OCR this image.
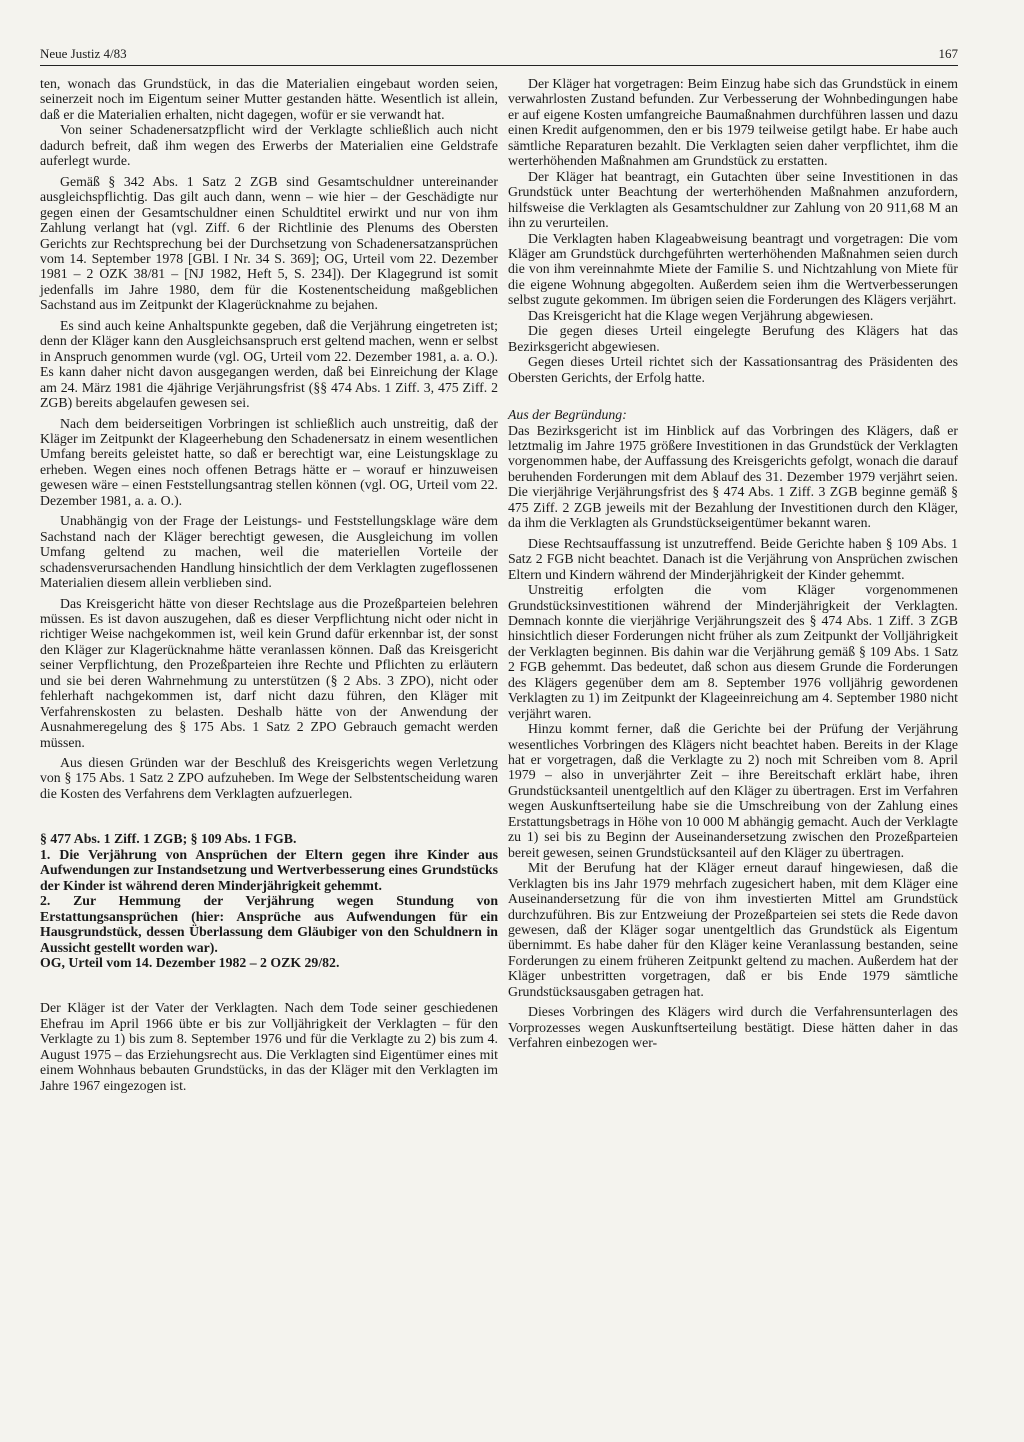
Neue Justiz 4/83	167

ten, wonach das Grundstück, in das die Materialien eingebaut worden seien, seinerzeit noch im Eigentum seiner Mutter gestanden hätte. Wesentlich ist allein, daß er die Materialien erhalten, nicht dagegen, wofür er sie verwandt hat.

Von seiner Schadenersatzpflicht wird der Verklagte schließlich auch nicht dadurch befreit, daß ihm wegen des Erwerbs der Materialien eine Geldstrafe auferlegt wurde.

Gemäß § 342 Abs. 1 Satz 2 ZGB sind Gesamtschuldner untereinander ausgleichspflichtig. Das gilt auch dann, wenn – wie hier – der Geschädigte nur gegen einen der Gesamtschuldner einen Schuldtitel erwirkt und nur von ihm Zahlung verlangt hat (vgl. Ziff. 6 der Richtlinie des Plenums des Obersten Gerichts zur Rechtsprechung bei der Durchsetzung von Schadenersatzansprüchen vom 14. September 1978 [GBl. I Nr. 34 S. 369]; OG, Urteil vom 22. Dezember 1981 – 2 OZK 38/81 – [NJ 1982, Heft 5, S. 234]). Der Klagegrund ist somit jedenfalls im Jahre 1980, dem für die Kostenentscheidung maßgeblichen Sachstand aus im Zeitpunkt der Klagerücknahme zu bejahen.

Es sind auch keine Anhaltspunkte gegeben, daß die Verjährung eingetreten ist; denn der Kläger kann den Ausgleichsanspruch erst geltend machen, wenn er selbst in Anspruch genommen wurde (vgl. OG, Urteil vom 22. Dezember 1981, a. a. O.). Es kann daher nicht davon ausgegangen werden, daß bei Einreichung der Klage am 24. März 1981 die 4jährige Verjährungsfrist (§§ 474 Abs. 1 Ziff. 3, 475 Ziff. 2 ZGB) bereits abgelaufen gewesen sei.

Nach dem beiderseitigen Vorbringen ist schließlich auch unstreitig, daß der Kläger im Zeitpunkt der Klageerhebung den Schadenersatz in einem wesentlichen Umfang bereits geleistet hatte, so daß er berechtigt war, eine Leistungsklage zu erheben. Wegen eines noch offenen Betrags hätte er – worauf er hinzuweisen gewesen wäre – einen Feststellungsantrag stellen können (vgl. OG, Urteil vom 22. Dezember 1981, a. a. O.).

Unabhängig von der Frage der Leistungs- und Feststellungsklage wäre dem Sachstand nach der Kläger berechtigt gewesen, die Ausgleichung im vollen Umfang geltend zu machen, weil die materiellen Vorteile der schadensverursachenden Handlung hinsichtlich der dem Verklagten zugeflossenen Materialien diesem allein verblieben sind.

Das Kreisgericht hätte von dieser Rechtslage aus die Prozeßparteien belehren müssen. Es ist davon auszugehen, daß es dieser Verpflichtung nicht oder nicht in richtiger Weise nachgekommen ist, weil kein Grund dafür erkennbar ist, der sonst den Kläger zur Klagerücknahme hätte veranlassen können. Daß das Kreisgericht seiner Verpflichtung, den Prozeßparteien ihre Rechte und Pflichten zu erläutern und sie bei deren Wahrnehmung zu unterstützen (§ 2 Abs. 3 ZPO), nicht oder fehlerhaft nachgekommen ist, darf nicht dazu führen, den Kläger mit Verfahrenskosten zu belasten. Deshalb hätte von der Anwendung der Ausnahmeregelung des § 175 Abs. 1 Satz 2 ZPO Gebrauch gemacht werden müssen.

Aus diesen Gründen war der Beschluß des Kreisgerichts wegen Verletzung von § 175 Abs. 1 Satz 2 ZPO aufzuheben. Im Wege der Selbstentscheidung waren die Kosten des Verfahrens dem Verklagten aufzuerlegen.

§ 477 Abs. 1 Ziff. 1 ZGB; § 109 Abs. 1 FGB.

1. Die Verjährung von Ansprüchen der Eltern gegen ihre Kinder aus Aufwendungen zur Instandsetzung und Wertverbesserung eines Grundstücks der Kinder ist während deren Minderjährigkeit gehemmt.

2. Zur Hemmung der Verjährung wegen Stundung von Erstattungsansprüchen (hier: Ansprüche aus Aufwendungen für ein Hausgrundstück, dessen Überlassung dem Gläubiger von den Schuldnern in Aussicht gestellt worden war).

OG, Urteil vom 14. Dezember 1982 – 2 OZK 29/82.

Der Kläger ist der Vater der Verklagten. Nach dem Tode seiner geschiedenen Ehefrau im April 1966 übte er bis zur Volljährigkeit der Verklagten – für den Verklagte zu 1) bis zum 8. September 1976 und für die Verklagte zu 2) bis zum 4. August 1975 – das Erziehungsrecht aus. Die Verklagten sind Eigentümer eines mit einem Wohnhaus bebauten Grundstücks, in das der Kläger mit den Verklagten im Jahre 1967 eingezogen ist.

Der Kläger hat vorgetragen: Beim Einzug habe sich das Grundstück in einem verwahrlosten Zustand befunden. Zur Verbesserung der Wohnbedingungen habe er auf eigene Kosten umfangreiche Baumaßnahmen durchführen lassen und dazu einen Kredit aufgenommen, den er bis 1979 teilweise getilgt habe. Er habe auch sämtliche Reparaturen bezahlt. Die Verklagten seien daher verpflichtet, ihm die werterhöhenden Maßnahmen am Grundstück zu erstatten.

Der Kläger hat beantragt, ein Gutachten über seine Investitionen in das Grundstück unter Beachtung der werterhöhenden Maßnahmen anzufordern, hilfsweise die Verklagten als Gesamtschuldner zur Zahlung von 20 911,68 M an ihn zu verurteilen.

Die Verklagten haben Klageabweisung beantragt und vorgetragen: Die vom Kläger am Grundstück durchgeführten werterhöhenden Maßnahmen seien durch die von ihm vereinnahmte Miete der Familie S. und Nichtzahlung von Miete für die eigene Wohnung abgegolten. Außerdem seien ihm die Wertverbesserungen selbst zugute gekommen. Im übrigen seien die Forderungen des Klägers verjährt.

Das Kreisgericht hat die Klage wegen Verjährung abgewiesen.

Die gegen dieses Urteil eingelegte Berufung des Klägers hat das Bezirksgericht abgewiesen.

Gegen dieses Urteil richtet sich der Kassationsantrag des Präsidenten des Obersten Gerichts, der Erfolg hatte.

Aus der Begründung:

Das Bezirksgericht ist im Hinblick auf das Vorbringen des Klägers, daß er letztmalig im Jahre 1975 größere Investitionen in das Grundstück der Verklagten vorgenommen habe, der Auffassung des Kreisgerichts gefolgt, wonach die darauf beruhenden Forderungen mit dem Ablauf des 31. Dezember 1979 verjährt seien. Die vierjährige Verjährungsfrist des § 474 Abs. 1 Ziff. 3 ZGB beginne gemäß § 475 Ziff. 2 ZGB jeweils mit der Bezahlung der Investitionen durch den Kläger, da ihm die Verklagten als Grundstückseigentümer bekannt waren.

Diese Rechtsauffassung ist unzutreffend. Beide Gerichte haben § 109 Abs. 1 Satz 2 FGB nicht beachtet. Danach ist die Verjährung von Ansprüchen zwischen Eltern und Kindern während der Minderjährigkeit der Kinder gehemmt.

Unstreitig erfolgten die vom Kläger vorgenommenen Grundstücksinvestitionen während der Minderjährigkeit der Verklagten. Demnach konnte die vierjährige Verjährungszeit des § 474 Abs. 1 Ziff. 3 ZGB hinsichtlich dieser Forderungen nicht früher als zum Zeitpunkt der Volljährigkeit der Verklagten beginnen. Bis dahin war die Verjährung gemäß § 109 Abs. 1 Satz 2 FGB gehemmt. Das bedeutet, daß schon aus diesem Grunde die Forderungen des Klägers gegenüber dem am 8. September 1976 volljährig gewordenen Verklagten zu 1) im Zeitpunkt der Klageeinreichung am 4. September 1980 nicht verjährt waren.

Hinzu kommt ferner, daß die Gerichte bei der Prüfung der Verjährung wesentliches Vorbringen des Klägers nicht beachtet haben. Bereits in der Klage hat er vorgetragen, daß die Verklagte zu 2) noch mit Schreiben vom 8. April 1979 – also in unverjährter Zeit – ihre Bereitschaft erklärt habe, ihren Grundstücksanteil unentgeltlich auf den Kläger zu übertragen. Erst im Verfahren wegen Auskunftserteilung habe sie die Umschreibung von der Zahlung eines Erstattungsbetrags in Höhe von 10 000 M abhängig gemacht. Auch der Verklagte zu 1) sei bis zu Beginn der Auseinandersetzung zwischen den Prozeßparteien bereit gewesen, seinen Grundstücksanteil auf den Kläger zu übertragen.

Mit der Berufung hat der Kläger erneut darauf hingewiesen, daß die Verklagten bis ins Jahr 1979 mehrfach zugesichert haben, mit dem Kläger eine Auseinandersetzung für die von ihm investierten Mittel am Grundstück durchzuführen. Bis zur Entzweiung der Prozeßparteien sei stets die Rede davon gewesen, daß der Kläger sogar unentgeltlich das Grundstück als Eigentum übernimmt. Es habe daher für den Kläger keine Veranlassung bestanden, seine Forderungen zu einem früheren Zeitpunkt geltend zu machen. Außerdem hat der Kläger unbestritten vorgetragen, daß er bis Ende 1979 sämtliche Grundstücksausgaben getragen hat.

Dieses Vorbringen des Klägers wird durch die Verfahrensunterlagen des Vorprozesses wegen Auskunftserteilung bestätigt. Diese hätten daher in das Verfahren einbezogen wer-
